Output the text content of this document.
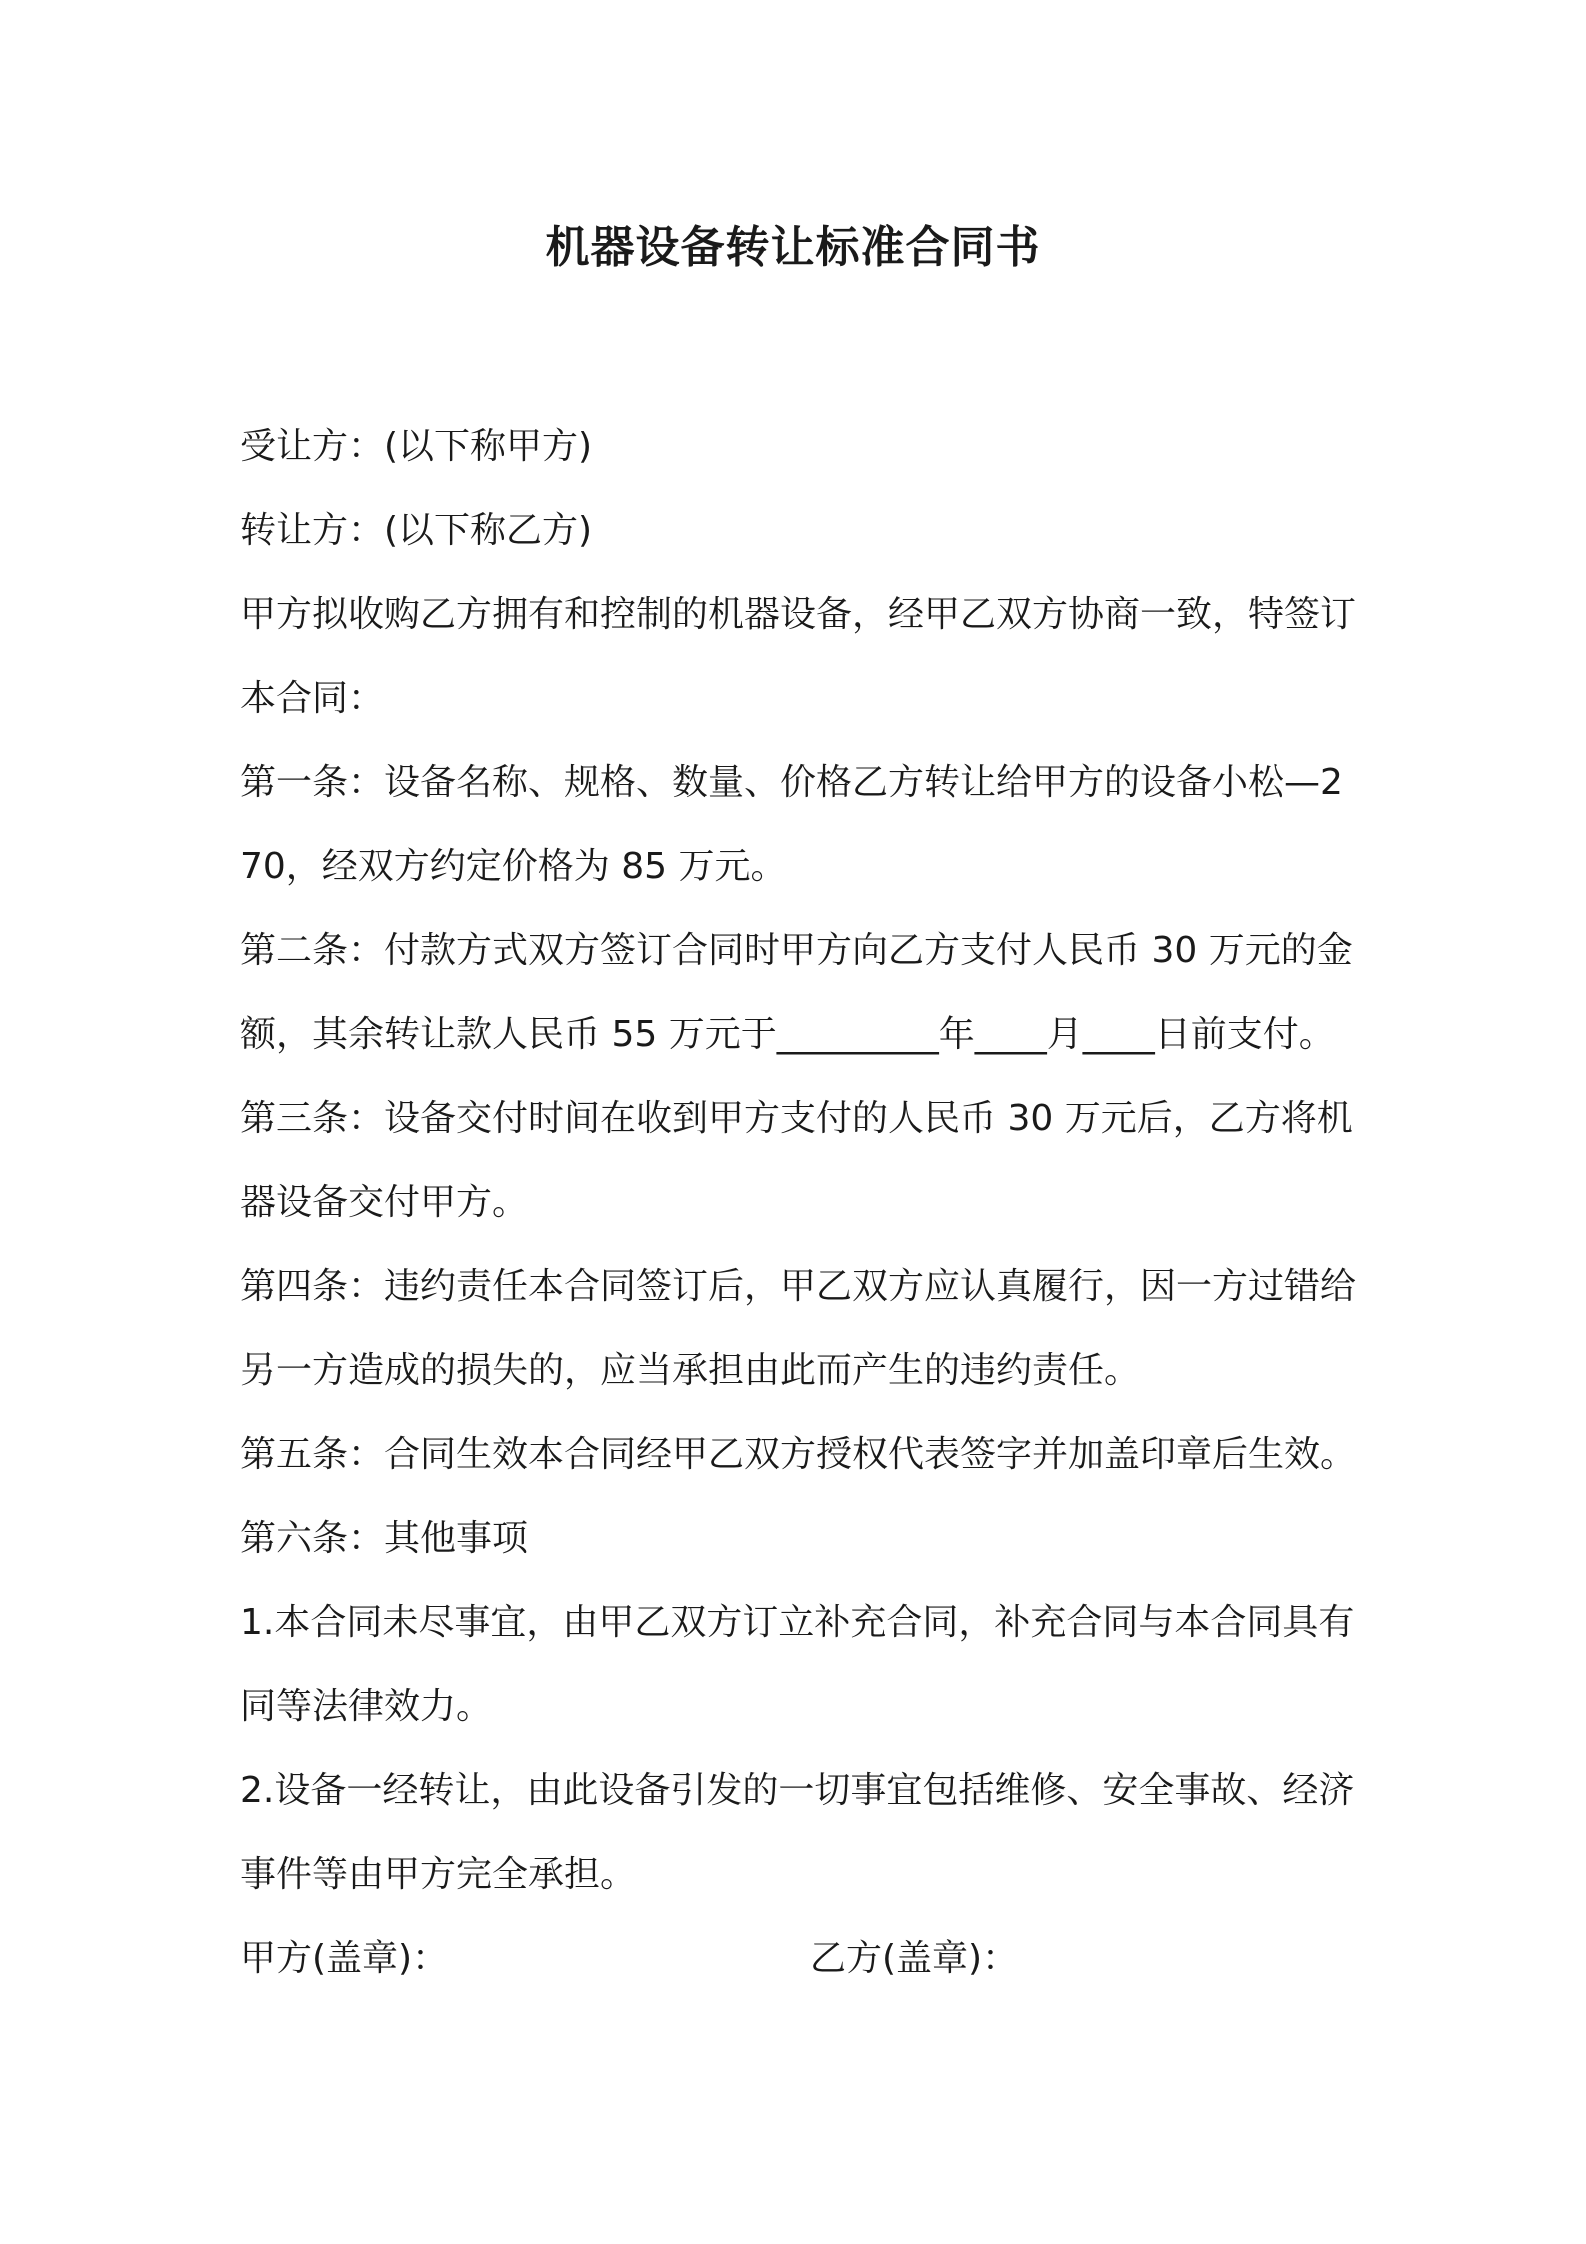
机器设备转让标准合同书
受让方：(以下称甲方)
转让方：(以下称乙方)
甲方拟收购乙方拥有和控制的机器设备，经甲乙双方协商一致，特签订本合同：
第一条：设备名称、规格、数量、价格乙方转让给甲方的设备小松—270，经双方约定价格为 85 万元。
第二条：付款方式双方签订合同时甲方向乙方支付人民币 30 万元的金额，其余转让款人民币 55 万元于_________年____月____日前支付。第三条：设备交付时间在收到甲方支付的人民币 30 万元后，乙方将机器设备交付甲方。
第四条：违约责任本合同签订后，甲乙双方应认真履行，因一方过错给另一方造成的损失的，应当承担由此而产生的违约责任。
第五条：合同生效本合同经甲乙双方授权代表签字并加盖印章后生效。
第六条：其他事项
1.本合同未尽事宜，由甲乙双方订立补充合同，补充合同与本合同具有同等法律效力。
2.设备一经转让，由此设备引发的一切事宜包括维修、安全事故、经济事件等由甲方完全承担。
甲方(盖章)：	乙方(盖章)：
